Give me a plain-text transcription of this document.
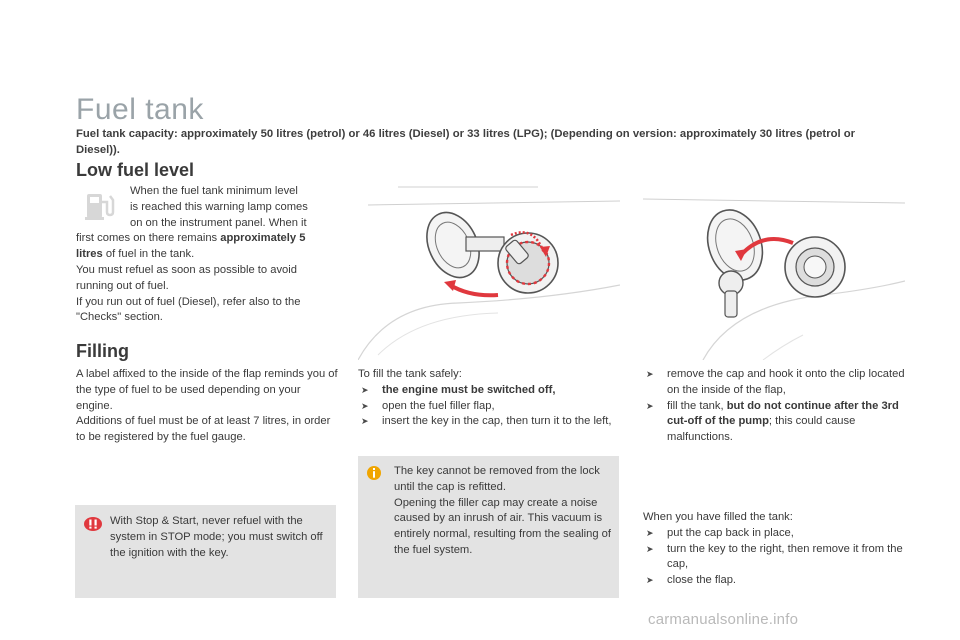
Fuel tank
Fuel tank capacity: approximately 50 litres (petrol) or 46 litres (Diesel) or 33 litres (LPG); (Depending on version: approximately 30 litres (petrol or Diesel)).
Low fuel level
When the fuel tank minimum level
is reached this warning lamp comes
on on the instrument panel. When it
first comes on there remains approximately 5 litres of fuel in the tank.
You must refuel as soon as possible to avoid running out of fuel.
If you run out of fuel (Diesel), refer also to the "Checks" section.
Filling
A label affixed to the inside of the flap reminds you of the type of fuel to be used depending on your engine.
Additions of fuel must be of at least 7 litres, in order to be registered by the fuel gauge.
With Stop & Start, never refuel with the system in STOP mode; you must switch off the ignition with the key.
To fill the tank safely:
➤ the engine must be switched off,
➤ open the fuel filler flap,
➤ insert the key in the cap, then turn it to the left,
The key cannot be removed from the lock until the cap is refitted.
Opening the filler cap may create a noise caused by an inrush of air. This vacuum is entirely normal, resulting from the sealing of the fuel system.
➤ remove the cap and hook it onto the clip located on the inside of the flap,
➤ fill the tank, but do not continue after the 3rd cut-off of the pump; this could cause malfunctions.
When you have filled the tank:
➤ put the cap back in place,
➤ turn the key to the right, then remove it from the cap,
➤ close the flap.
carmanualsonline.info
